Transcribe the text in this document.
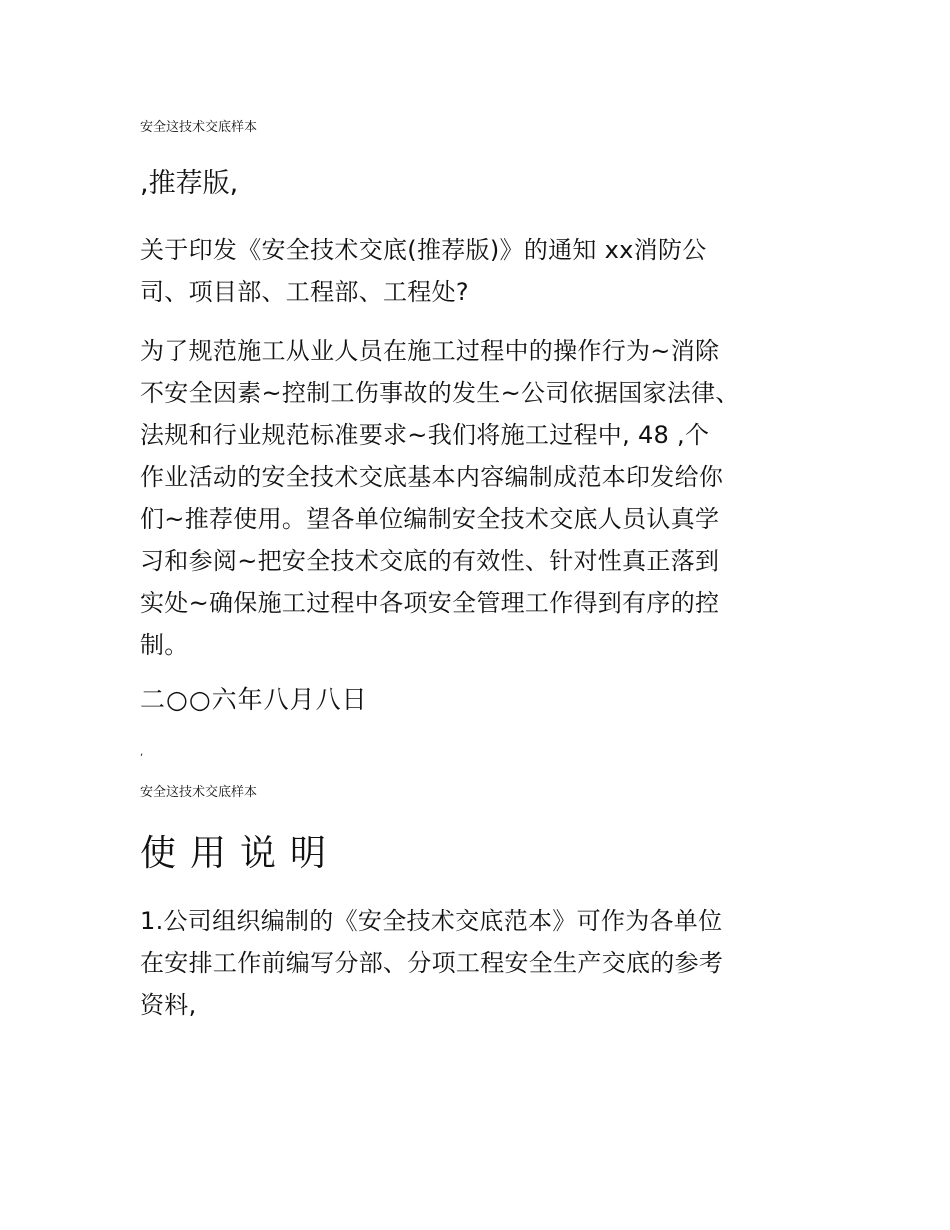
安全这技术交底样本
,推荐版,
关于印发《安全技术交底(推荐版)》的通知 xx消防公
司、项目部、工程部、工程处?
为了规范施工从业人员在施工过程中的操作行为~消除
不安全因素~控制工伤事故的发生~公司依据国家法律、
法规和行业规范标准要求~我们将施工过程中, 48 ,个
作业活动的安全技术交底基本内容编制成范本印发给你
们~推荐使用。望各单位编制安全技术交底人员认真学
习和参阅~把安全技术交底的有效性、针对性真正落到
实处~确保施工过程中各项安全管理工作得到有序的控
制。
二○○六年八月八日
,
安全这技术交底样本
使用说明
1.公司组织编制的《安全技术交底范本》可作为各单位
在安排工作前编写分部、分项工程安全生产交底的参考
资料,
